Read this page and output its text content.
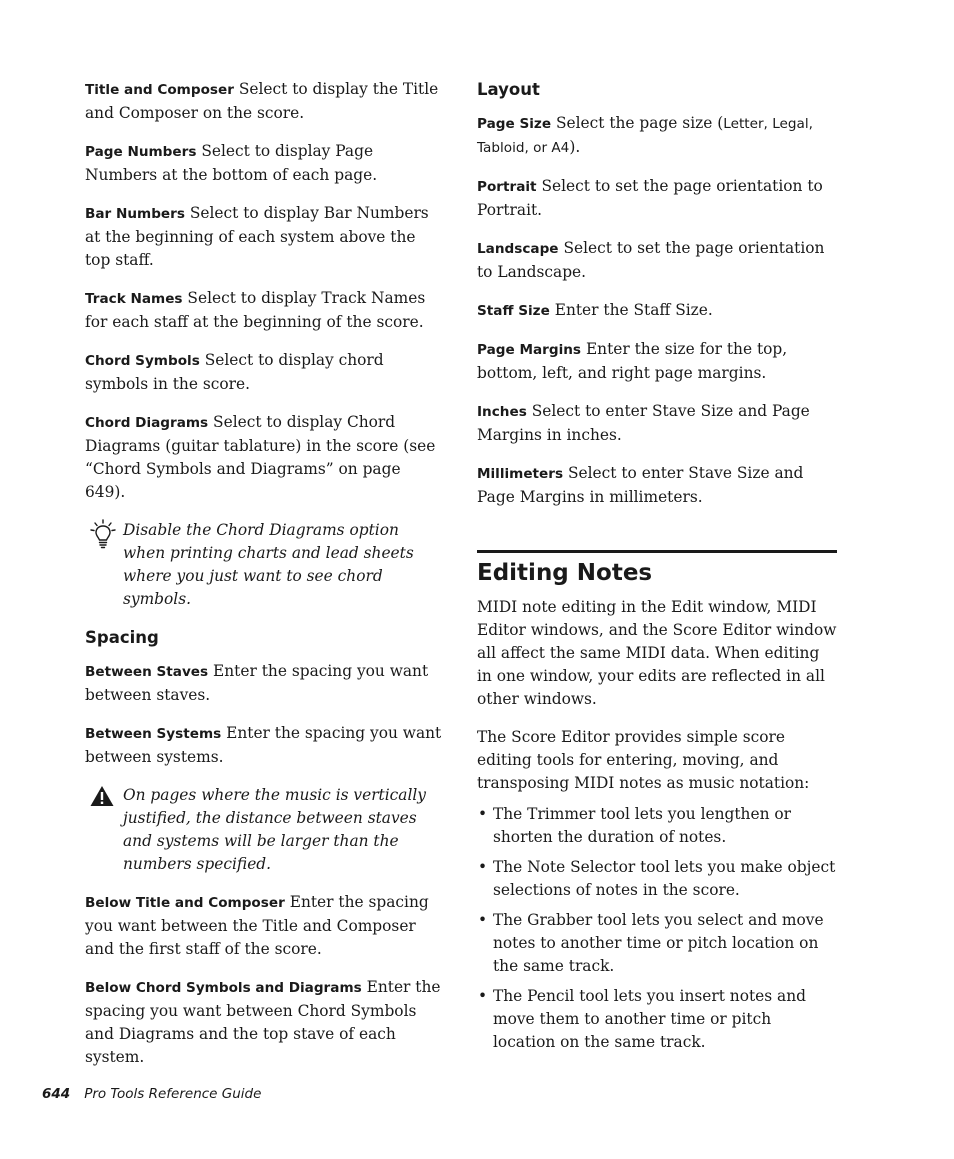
Title and Composer Select to display the Title and Composer on the score.

Page Numbers Select to display Page Numbers at the bottom of each page.

Bar Numbers Select to display Bar Numbers at the beginning of each system above the top staff.

Track Names Select to display Track Names for each staff at the beginning of the score.

Chord Symbols Select to display chord symbols in the score.

Chord Diagrams Select to display Chord Diagrams (guitar tablature) in the score (see “Chord Symbols and Diagrams” on page 649).

Disable the Chord Diagrams option when printing charts and lead sheets where you just want to see chord symbols.
Spacing

Between Staves Enter the spacing you want between staves.

Between Systems Enter the spacing you want between systems.

On pages where the music is vertically justified, the distance between staves and systems will be larger than the numbers specified.

Below Title and Composer Enter the spacing you want between the Title and Composer and the first staff of the score.

Below Chord Symbols and Diagrams Enter the spacing you want between Chord Symbols and Diagrams and the top stave of each system.

Layout

Page Size Select the page size (Letter, Legal, Tabloid, or A4).

Portrait Select to set the page orientation to Portrait.

Landscape Select to set the page orientation to Landscape.

Staff Size Enter the Staff Size.

Page Margins Enter the size for the top, bottom, left, and right page margins.

Inches Select to enter Stave Size and Page Margins in inches.

Millimeters Select to enter Stave Size and Page Margins in millimeters.

Editing Notes

MIDI note editing in the Edit window, MIDI Editor windows, and the Score Editor window all affect the same MIDI data. When editing in one window, your edits are reflected in all other windows.

The Score Editor provides simple score editing tools for entering, moving, and transposing MIDI notes as music notation:

• The Trimmer tool lets you lengthen or shorten the duration of notes.
• The Note Selector tool lets you make object selections of notes in the score.
• The Grabber tool lets you select and move notes to another time or pitch location on the same track.
• The Pencil tool lets you insert notes and move them to another time or pitch location on the same track.
644 Pro Tools Reference Guide
